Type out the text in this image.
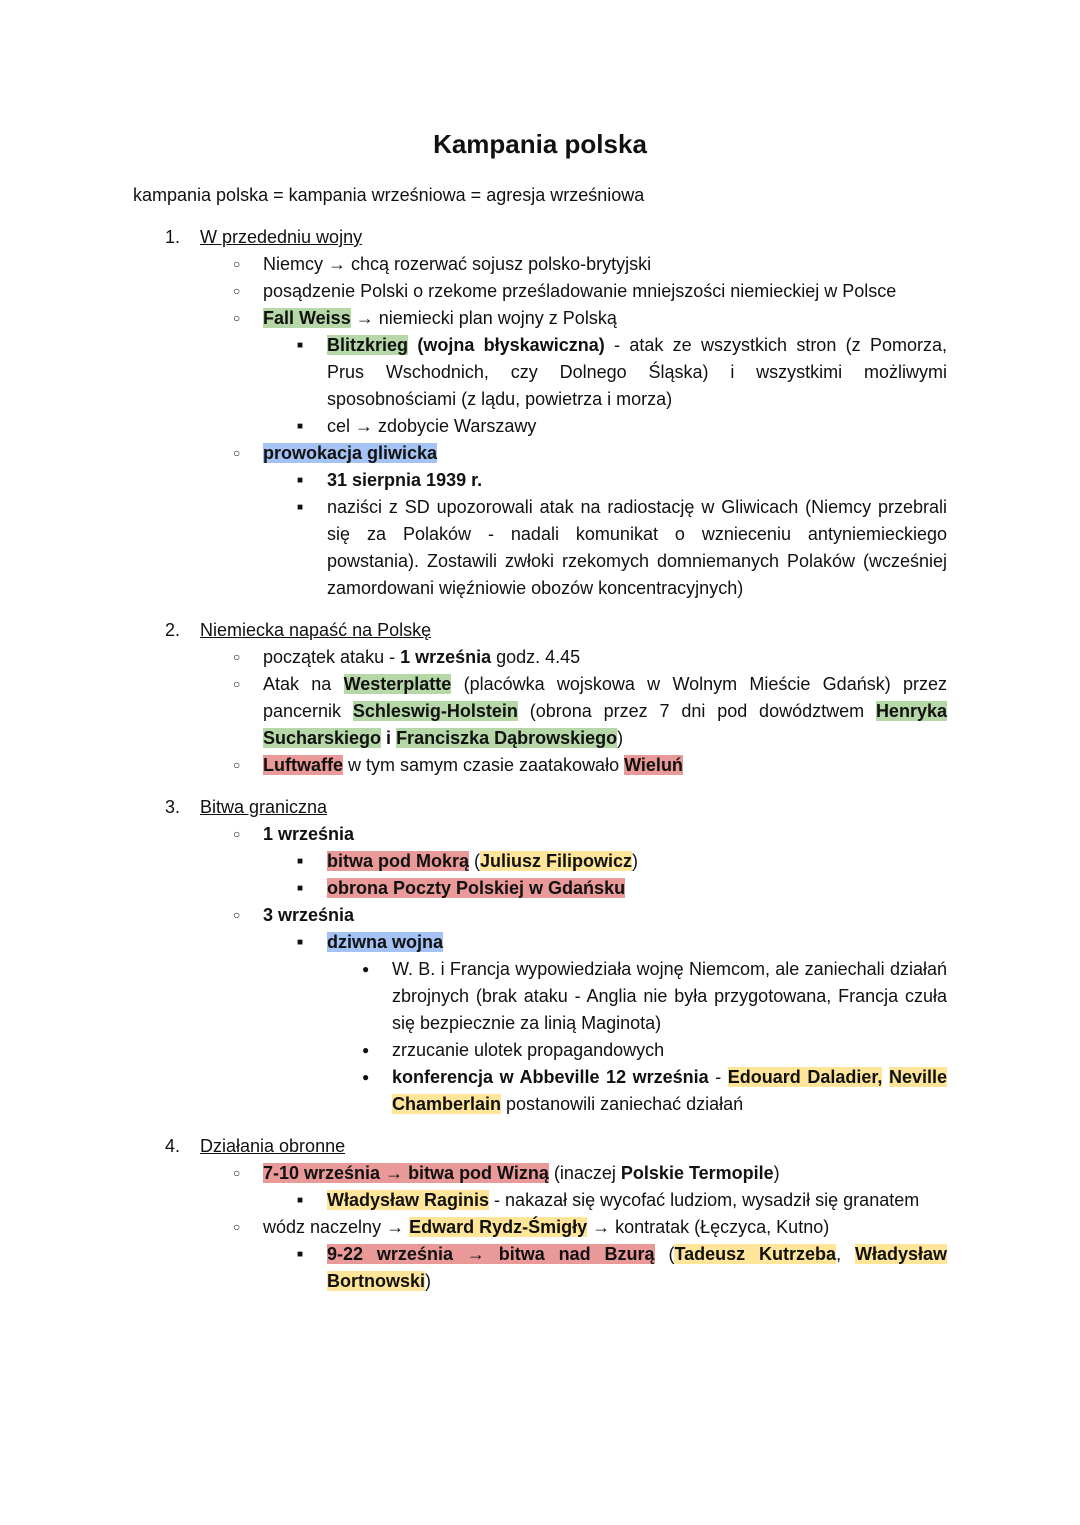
Kampania polska

kampania polska = kampania wrześniowa = agresja wrześniowa

1.	W przededniu wojny
○	Niemcy → chcą rozerwać sojusz polsko-brytyjski
○	posądzenie Polski o rzekome prześladowanie mniejszości niemieckiej w Polsce
○	Fall Weiss → niemiecki plan wojny z Polską
■	Blitzkrieg (wojna błyskawiczna) - atak ze wszystkich stron (z Pomorza, Prus Wschodnich, czy Dolnego Śląska) i wszystkimi możliwymi sposobnościami (z lądu, powietrza i morza)
■	cel → zdobycie Warszawy
○	prowokacja gliwicka
■	31 sierpnia 1939 r.
■	naziści z SD upozorowali atak na radiostację w Gliwicach (Niemcy przebrali się za Polaków - nadali komunikat o wznieceniu antyniemieckiego powstania). Zostawili zwłoki rzekomych domniemanych Polaków (wcześniej zamordowani więźniowie obozów koncentracyjnych)
2.	Niemiecka napaść na Polskę
○	początek ataku - 1 września godz. 4.45
○	Atak na Westerplatte (placówka wojskowa w Wolnym Mieście Gdańsk) przez pancernik Schleswig-Holstein (obrona przez 7 dni pod dowództwem Henryka Sucharskiego i Franciszka Dąbrowskiego)
○	Luftwaffe w tym samym czasie zaatakowało Wieluń
3.	Bitwa graniczna
○	1 września
■	bitwa pod Mokrą (Juliusz Filipowicz)
■	obrona Poczty Polskiej w Gdańsku
○	3 września
■	dziwna wojna
●	W. B. i Francja wypowiedziała wojnę Niemcom, ale zaniechali działań zbrojnych (brak ataku - Anglia nie była przygotowana, Francja czuła się bezpiecznie za linią Maginota)
●	zrzucanie ulotek propagandowych
●	konferencja w Abbeville 12 września - Edouard Daladier, Neville Chamberlain postanowili zaniechać działań
4.	Działania obronne
○	7-10 września → bitwa pod Wizną (inaczej Polskie Termopile)
■	Władysław Raginis - nakazał się wycofać ludziom, wysadził się granatem
○	wódz naczelny → Edward Rydz-Śmigły → kontratak (Łęczyca, Kutno)
■	9-22 września → bitwa nad Bzurą (Tadeusz Kutrzeba, Władysław Bortnowski)
